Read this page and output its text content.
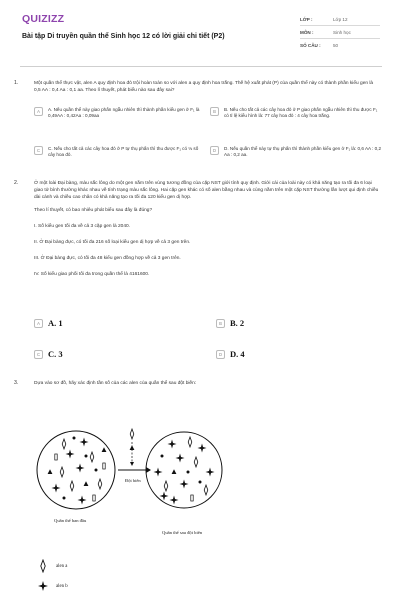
QUIZIZZ
Bài tập Di truyền quần thể Sinh học 12 có lời giải chi tiết (P2)
LỚP :	Lớp 12
MÔN :	Sinh học
SỐ CÂU :	50
1.	Một quần thể thực vật, alen A quy định hoa đỏ trội hoàn toàn so với alen a quy định hoa trắng. Thế hệ xuất phát (P) của quần thể này có thành phần kiểu gen là 0,5 AA : 0,4 Aa : 0,1 aa. Theo lí thuyết, phát biểu nào sau đây sai?
A	A. Nếu quần thể này giao phấn ngẫu nhiên thì thành phần kiểu gen ở F₁ là 0,49AA : 0,42Aa : 0,09aa
B	B. Nếu cho tất cả các cây hoa đỏ ở P giao phấn ngẫu nhiên thì thu được F₁ có tỉ lệ kiểu hình là: 77 cây hoa đỏ : 4 cây hoa trắng.
C	C. Nếu cho tất cả các cây hoa đỏ ở P tự thụ phấn thì thu được F₁ có ⅛ số cây hoa đỏ.
D	D. Nếu quần thể này tự thụ phấn thì thành phần kiểu gen ở F₁ là: 0,6 AA : 0,2 Aa : 0,2 aa.
2.	Ở một loài Đại bàng, màu sắc lông do một gen nằm trên vùng tương đồng của cặp NST giới tính quy định. Giới cái của loài này có khả năng tạo ra tối đa 6 loại giao tử bình thường khác nhau về tính trạng màu sắc lông. Hai cặp gen khác có số alen bằng nhau và cùng nằm trên một cặp NST thường lần lượt qui định chiều dài cánh và chiều cao chân có khả năng tạo ra tối đa 120 kiểu gen dị hợp.
Theo lí thuyết, có bao nhiêu phát biểu sau đây là đúng?
I. Số kiểu gen tối đa về cả 3 cặp gen là 2040.
II. Ở Đại bàng đực, có tối đa 216 số loại kiểu gen dị hợp về cả 3 gen trên.
III. Ở Đại bàng đực, có tối đa 48 kiểu gen đồng hợp về cả 3 gen trên.
IV. Số kiểu giao phối tối đa trong quần thể là 4161600.
A A. 1	B B. 2
C C. 3	D D. 4
3.	Dựa vào sơ đồ, hãy xác định tần số của các alen của quần thể sau đột biến:
Đột biến
Quần thể ban đầu
Quần thể sau đột biến
alen a
alen b
